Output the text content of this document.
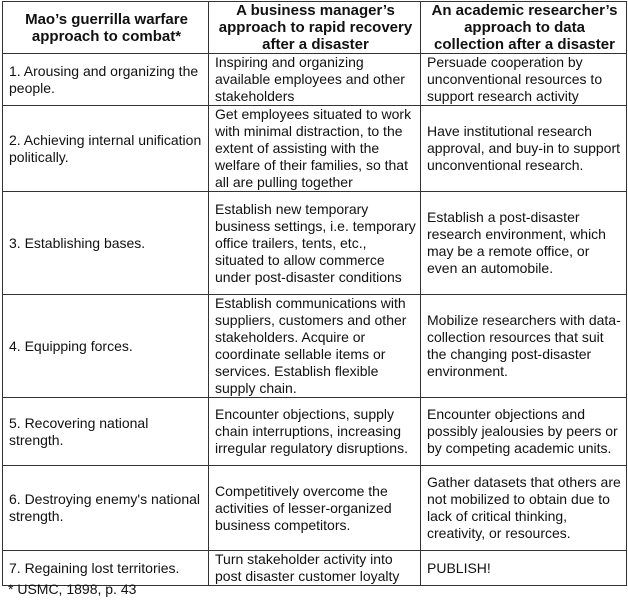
Mao’s guerrilla warfare approach to combat*	A business manager’s approach to rapid recovery after a disaster	An academic researcher’s approach to data collection after a disaster

1. Arousing and organizing the people.	Inspiring and organizing available employees and other stakeholders	Persuade cooperation by unconventional resources to support research activity

2. Achieving internal unification politically.	Get employees situated to work with minimal distraction, to the extent of assisting with the welfare of their families, so that all are pulling together	Have institutional research approval, and buy-in to support unconventional research.

3. Establishing bases.	Establish new temporary business settings, i.e. temporary office trailers, tents, etc., situated to allow commerce under post-disaster conditions	Establish a post-disaster research environment, which may be a remote office, or even an automobile.

4. Equipping forces.	Establish communications with suppliers, customers and other stakeholders. Acquire or coordinate sellable items or services. Establish flexible supply chain.	Mobilize researchers with data-collection resources that suit the changing post-disaster environment.

5. Recovering national strength.	Encounter objections, supply chain interruptions, increasing irregular regulatory disruptions.	Encounter objections and possibly jealousies by peers or by competing academic units.

6. Destroying enemy's national strength.	Competitively overcome the activities of lesser-organized business competitors.	Gather datasets that others are not mobilized to obtain due to lack of critical thinking, creativity, or resources.

7. Regaining lost territories.	Turn stakeholder activity into post disaster customer loyalty	PUBLISH!
* USMC, 1898, p. 43
